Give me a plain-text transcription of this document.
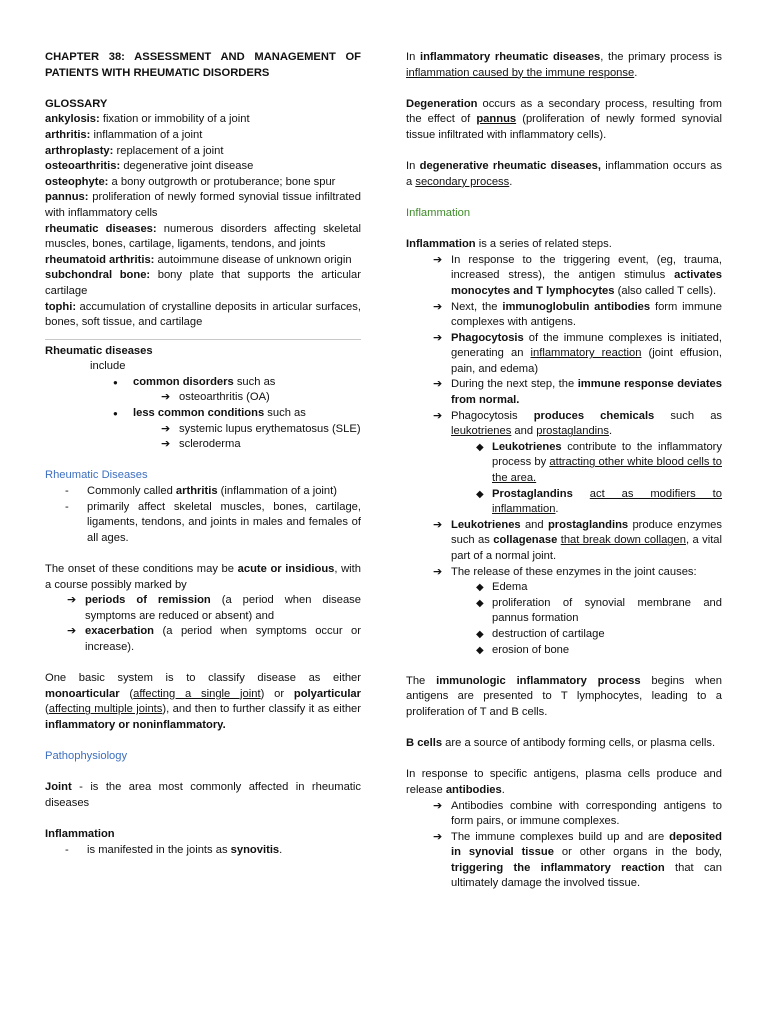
CHAPTER 38: ASSESSMENT AND MANAGEMENT OF PATIENTS WITH RHEUMATIC DISORDERS

GLOSSARY

ankylosis: fixation or immobility of a joint

arthritis: inflammation of a joint

arthroplasty: replacement of a joint

osteoarthritis: degenerative joint disease

osteophyte: a bony outgrowth or protuberance; bone spur

pannus: proliferation of newly formed synovial tissue infiltrated with inflammatory cells

rheumatic diseases: numerous disorders affecting skeletal muscles, bones, cartilage, ligaments, tendons, and joints

rheumatoid arthritis: autoimmune disease of unknown origin

subchondral bone: bony plate that supports the articular cartilage

tophi: accumulation of crystalline deposits in articular surfaces, bones, soft tissue, and cartilage

Rheumatic diseases

include

●	common disorders such as
➔ osteoarthritis (OA)
●	less common conditions such as
➔ systemic lupus erythematosus (SLE)
➔ scleroderma

Rheumatic Diseases

-	Commonly called arthritis (inflammation of a joint)
-	primarily affect skeletal muscles, bones, cartilage, ligaments, tendons, and joints in males and females of all ages.

The onset of these conditions may be acute or insidious, with a course possibly marked by

➔ periods of remission (a period when disease symptoms are reduced or absent) and
➔ exacerbation (a period when symptoms occur or increase).

One basic system is to classify disease as either monoarticular (affecting a single joint) or polyarticular (affecting multiple joints), and then to further classify it as either inflammatory or noninflammatory.

Pathophysiology

Joint - is the area most commonly affected in rheumatic diseases

Inflammation

-	is manifested in the joints as synovitis.

In inflammatory rheumatic diseases, the primary process is inflammation caused by the immune response.

Degeneration occurs as a secondary process, resulting from the effect of pannus (proliferation of newly formed synovial tissue infiltrated with inflammatory cells).

In degenerative rheumatic diseases, inflammation occurs as a secondary process.

Inflammation

Inflammation is a series of related steps.

➔ In response to the triggering event, (eg, trauma, increased stress), the antigen stimulus activates monocytes and T lymphocytes (also called T cells).
➔ Next, the immunoglobulin antibodies form immune complexes with antigens.
➔ Phagocytosis of the immune complexes is initiated, generating an inflammatory reaction (joint effusion, pain, and edema)
➔ During the next step, the immune response deviates from normal.
➔ Phagocytosis produces chemicals such as leukotrienes and prostaglandins.
◆ Leukotrienes contribute to the inflammatory process by attracting other white blood cells to the area.
◆ Prostaglandins act as modifiers to inflammation.
➔ Leukotrienes and prostaglandins produce enzymes such as collagenase that break down collagen, a vital part of a normal joint.
➔ The release of these enzymes in the joint causes:
◆ Edema
◆ proliferation of synovial membrane and pannus formation
◆ destruction of cartilage
◆ erosion of bone

The immunologic inflammatory process begins when antigens are presented to T lymphocytes, leading to a proliferation of T and B cells.

B cells are a source of antibody forming cells, or plasma cells.

In response to specific antigens, plasma cells produce and release antibodies.

➔ Antibodies combine with corresponding antigens to form pairs, or immune complexes.
➔ The immune complexes build up and are deposited in synovial tissue or other organs in the body, triggering the inflammatory reaction that can ultimately damage the involved tissue.
